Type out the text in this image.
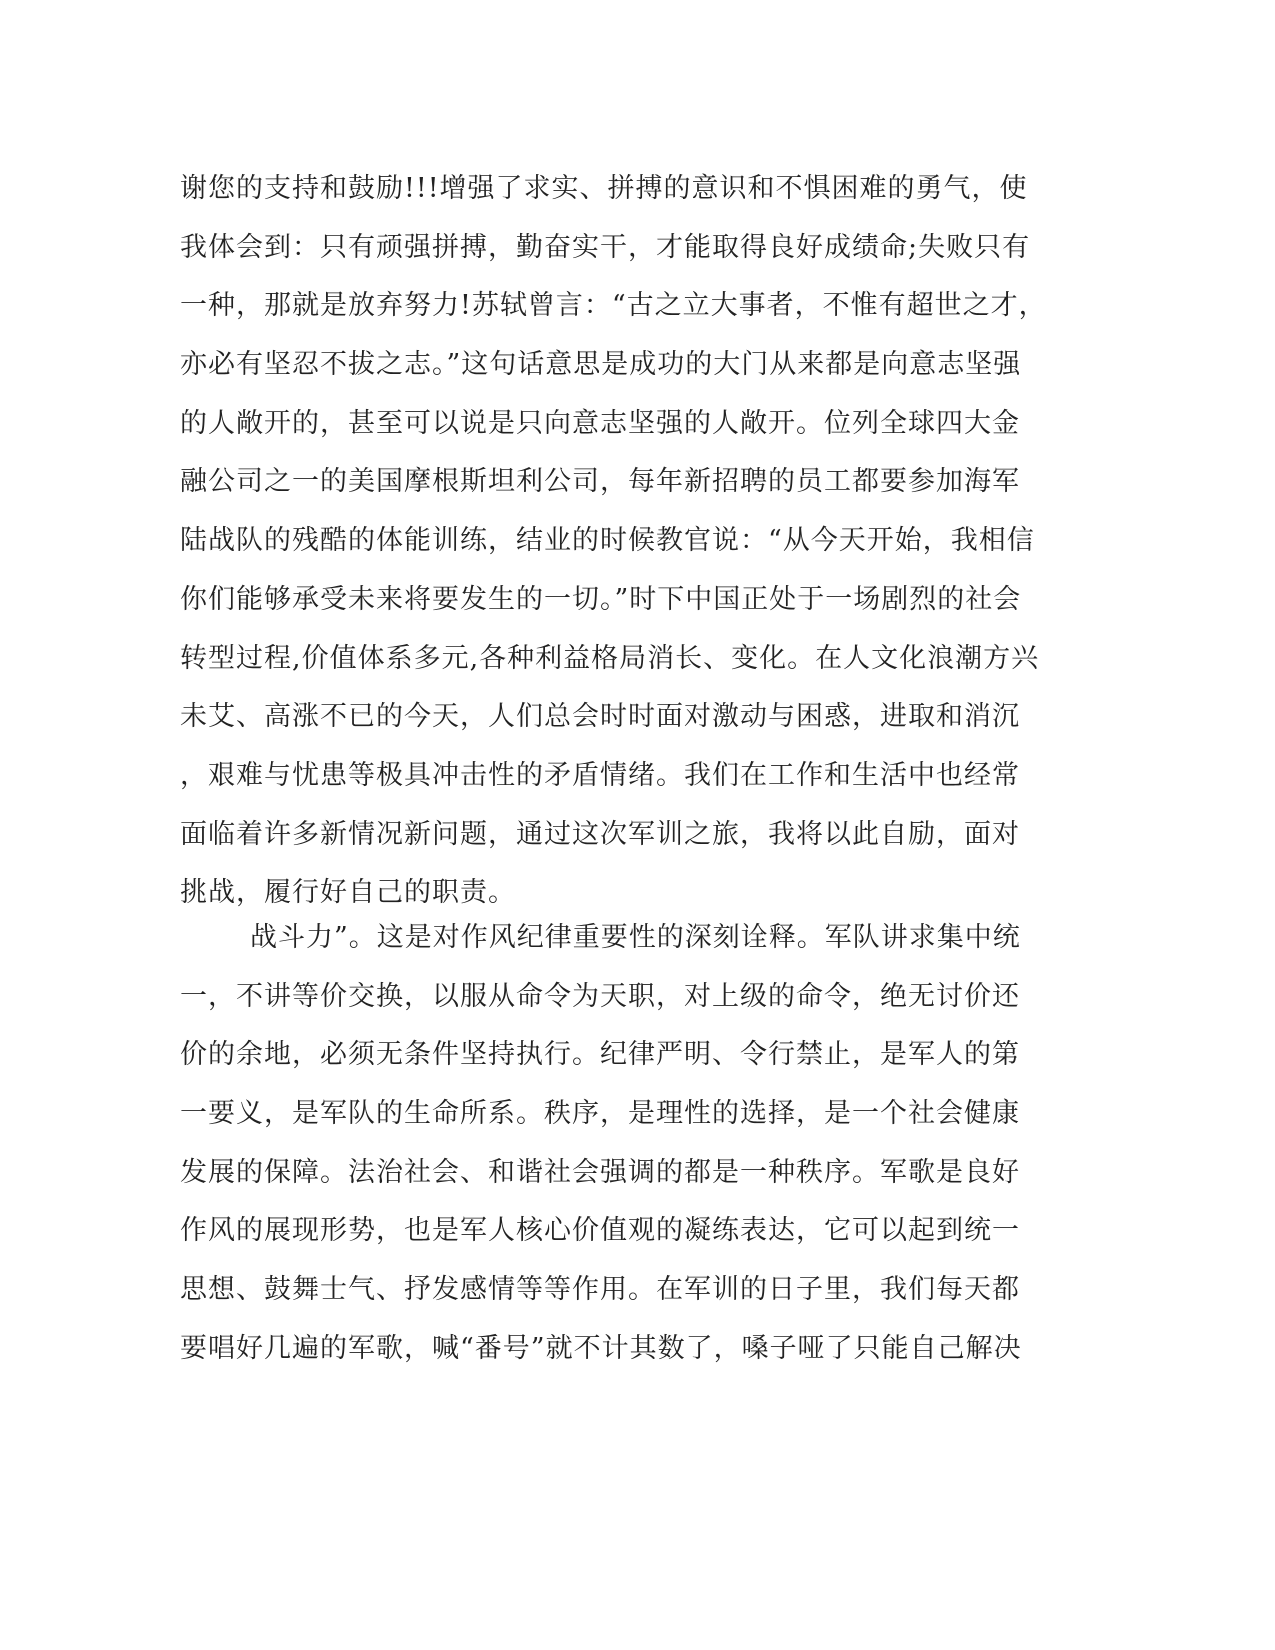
谢您的支持和鼓励!!!增强了求实、拼搏的意识和不惧困难的勇气，使
我体会到：只有顽强拼搏，勤奋实干，才能取得良好成绩命;失败只有
一种，那就是放弃努力!苏轼曾言：“古之立大事者，不惟有超世之才，
亦必有坚忍不拔之志。”这句话意思是成功的大门从来都是向意志坚强
的人敞开的，甚至可以说是只向意志坚强的人敞开。位列全球四大金
融公司之一的美国摩根斯坦利公司，每年新招聘的员工都要参加海军
陆战队的残酷的体能训练，结业的时候教官说：“从今天开始，我相信
你们能够承受未来将要发生的一切。”时下中国正处于一场剧烈的社会
转型过程,价值体系多元,各种利益格局消长、变化。在人文化浪潮方兴
未艾、高涨不已的今天，人们总会时时面对激动与困惑，进取和消沉
，艰难与忧患等极具冲击性的矛盾情绪。我们在工作和生活中也经常
面临着许多新情况新问题，通过这次军训之旅，我将以此自励，面对
挑战，履行好自己的职责。
战斗力”。这是对作风纪律重要性的深刻诠释。军队讲求集中统
一，不讲等价交换，以服从命令为天职，对上级的命令，绝无讨价还
价的余地，必须无条件坚持执行。纪律严明、令行禁止，是军人的第
一要义，是军队的生命所系。秩序，是理性的选择，是一个社会健康
发展的保障。法治社会、和谐社会强调的都是一种秩序。军歌是良好
作风的展现形势，也是军人核心价值观的凝练表达，它可以起到统一
思想、鼓舞士气、抒发感情等等作用。在军训的日子里，我们每天都
要唱好几遍的军歌，喊“番号”就不计其数了，嗓子哑了只能自己解决
